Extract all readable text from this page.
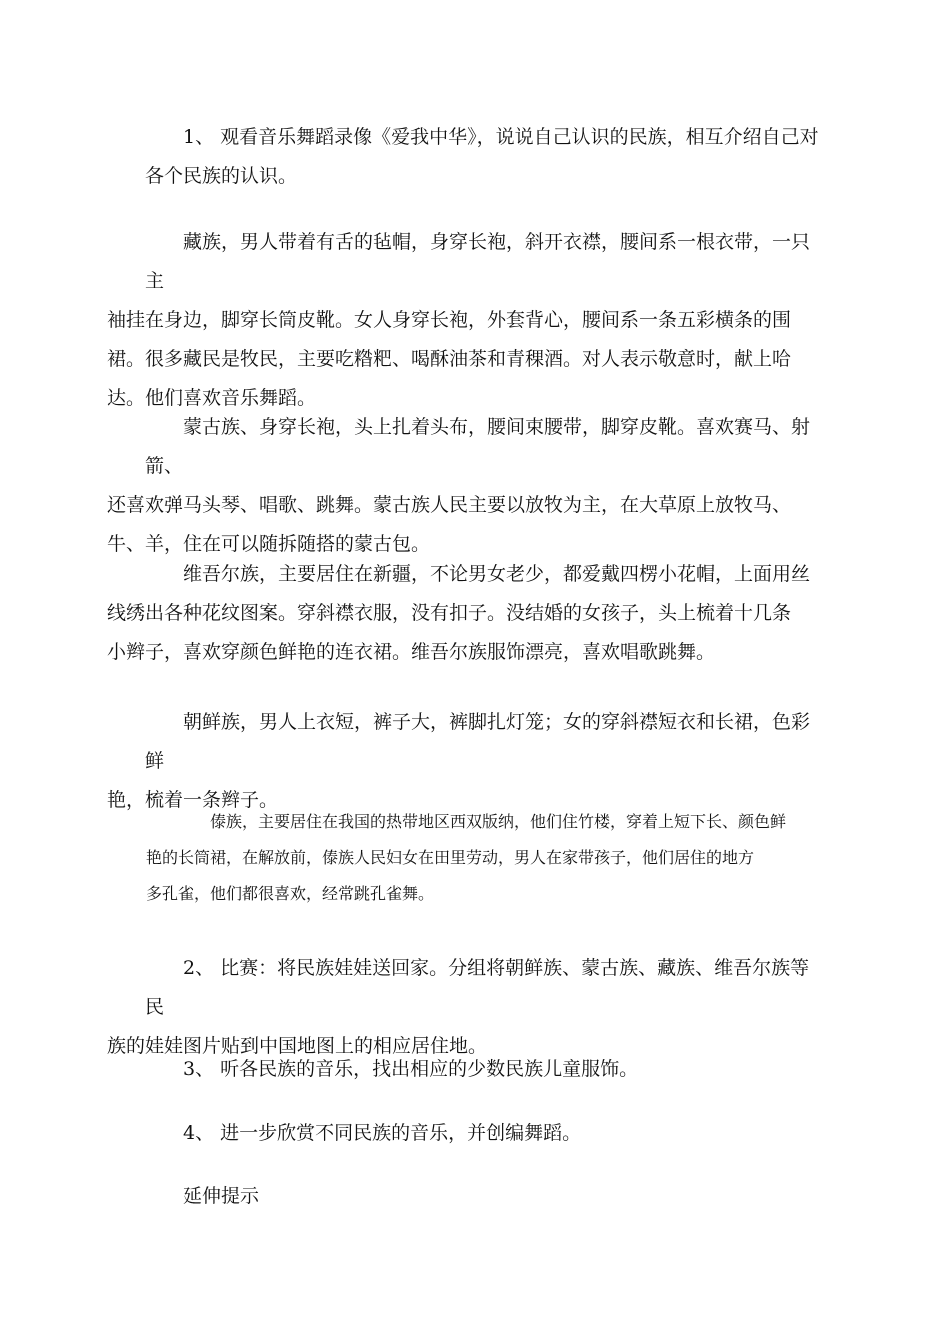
1、 观看音乐舞蹈录像《爱我中华》，说说自己认识的民族，相互介绍自己对
各个民族的认识。

藏族，男人带着有舌的毡帽，身穿长袍，斜开衣襟，腰间系一根衣带，一只主
袖挂在身边，脚穿长筒皮靴。女人身穿长袍，外套背心，腰间系一条五彩横条的围
裙。很多藏民是牧民，主要吃糌粑、喝酥油茶和青稞酒。对人表示敬意时，献上哈
达。他们喜欢音乐舞蹈。

蒙古族、身穿长袍，头上扎着头布，腰间束腰带，脚穿皮靴。喜欢赛马、射箭、
还喜欢弹马头琴、唱歌、跳舞。蒙古族人民主要以放牧为主，在大草原上放牧马、
牛、羊，住在可以随拆随搭的蒙古包。

维吾尔族，主要居住在新疆，不论男女老少，都爱戴四楞小花帽，上面用丝
线绣出各种花纹图案。穿斜襟衣服，没有扣子。没结婚的女孩子，头上梳着十几条
小辫子，喜欢穿颜色鲜艳的连衣裙。维吾尔族服饰漂亮，喜欢唱歌跳舞。

朝鲜族，男人上衣短，裤子大，裤脚扎灯笼；女的穿斜襟短衣和长裙，色彩鲜
艳，梳着一条辫子。

傣族，主要居住在我国的热带地区西双版纳，他们住竹楼，穿着上短下长、颜色鲜
艳的长筒裙，在解放前，傣族人民妇女在田里劳动，男人在家带孩子，他们居住的地方
多孔雀，他们都很喜欢，经常跳孔雀舞。

2、 比赛：将民族娃娃送回家。分组将朝鲜族、蒙古族、藏族、维吾尔族等民
族的娃娃图片贴到中国地图上的相应居住地。

3、 听各民族的音乐，找出相应的少数民族儿童服饰。

4、 进一步欣赏不同民族的音乐，并创编舞蹈。

延伸提示
